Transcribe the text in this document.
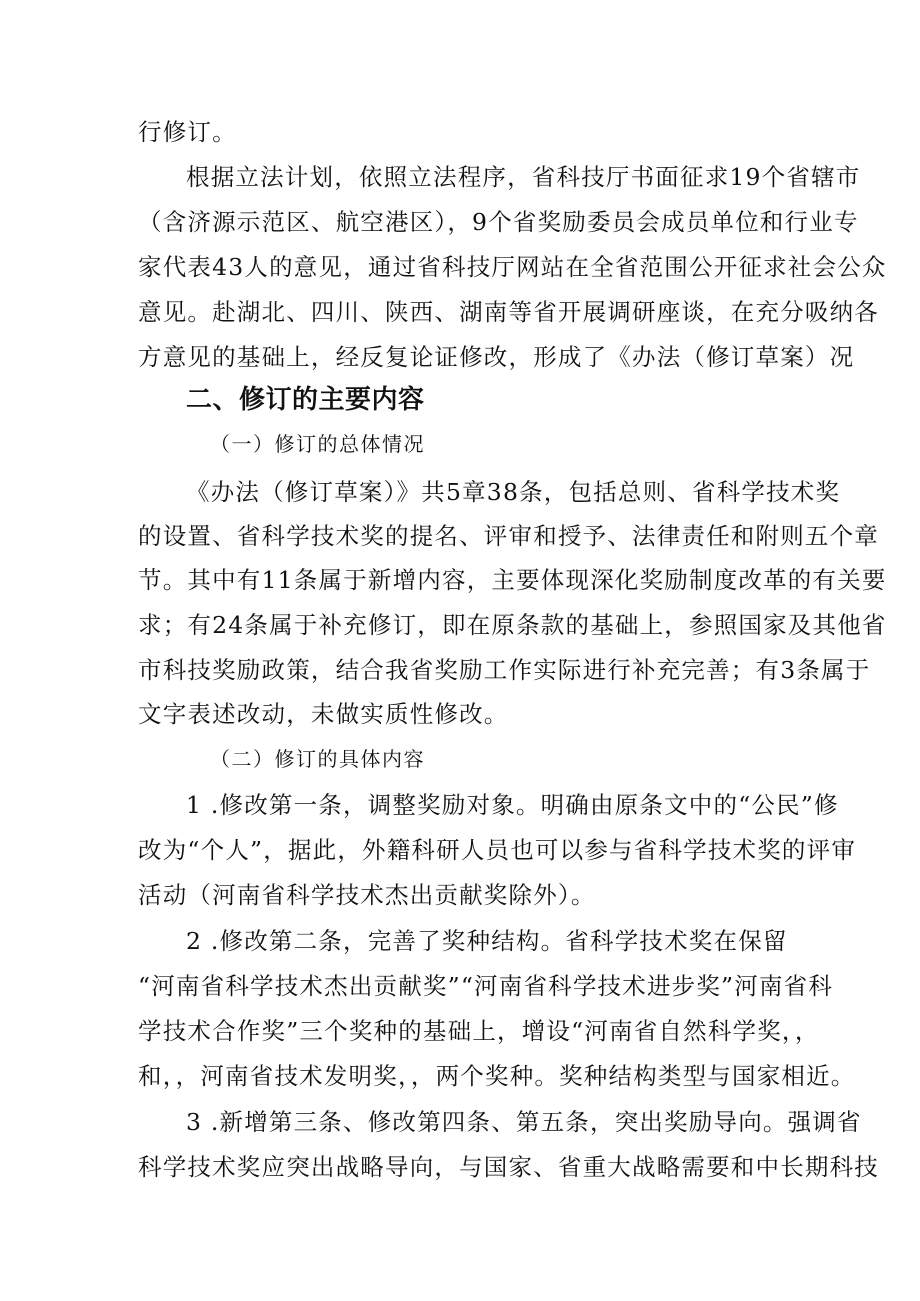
行修订。

根据立法计划，依照立法程序，省科技厅书面征求19个省辖市

（含济源示范区、航空港区），9个省奖励委员会成员单位和行业专

家代表43人的意见，通过省科技厅网站在全省范围公开征求社会公众

意见。赴湖北、四川、陕西、湖南等省开展调研座谈，在充分吸纳各

方意见的基础上，经反复论证修改，形成了《办法（修订草案）况

二、修订的主要内容

（一）修订的总体情况

《办法（修订草案）》共5章38条，包括总则、省科学技术奖

的设置、省科学技术奖的提名、评审和授予、法律责任和附则五个章

节。其中有11条属于新增内容，主要体现深化奖励制度改革的有关要

求；有24条属于补充修订，即在原条款的基础上，参照国家及其他省

市科技奖励政策，结合我省奖励工作实际进行补充完善；有3条属于

文字表述改动，未做实质性修改。

（二）修订的具体内容

1 .修改第一条，调整奖励对象。明确由原条文中的“公民”修

改为“个人”，据此，外籍科研人员也可以参与省科学技术奖的评审

活动（河南省科学技术杰出贡献奖除外）。

2 .修改第二条，完善了奖种结构。省科学技术奖在保留

“河南省科学技术杰出贡献奖”“河南省科学技术进步奖”河南省科

学技术合作奖”三个奖种的基础上，增设“河南省自然科学奖，，

和，，河南省技术发明奖，，两个奖种。奖种结构类型与国家相近。

3 .新增第三条、修改第四条、第五条，突出奖励导向。强调省

科学技术奖应突出战略导向，与国家、省重大战略需要和中长期科技
